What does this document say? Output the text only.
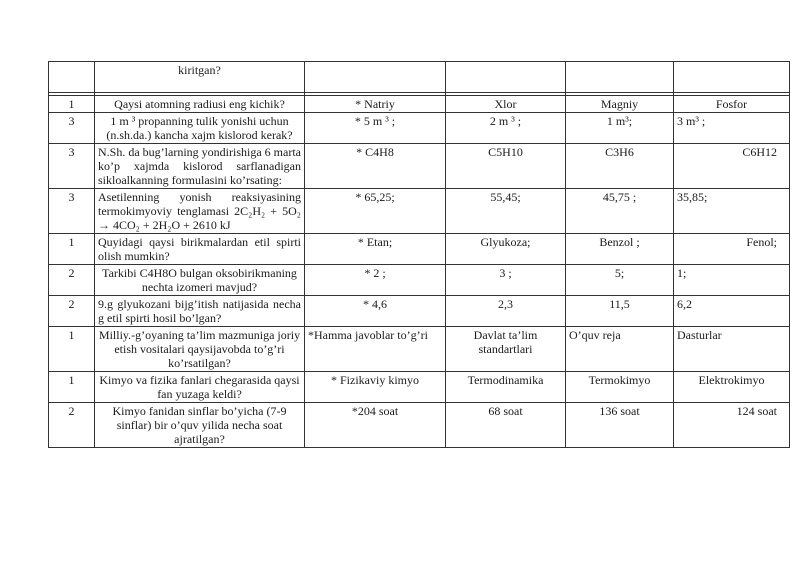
	kiritgan?				

1	Qaysi atomning radiusi eng kichik?	* Natriy	Xlor	Magniy	Fosfor
3	1 m ³ propanning tulik yonishi uchun (n.sh.da.) kancha xajm kislorod kerak?	* 5 m ³ ;	2 m ³ ;	1 m³;	3 m³ ;
3	N.Sh. da bug’larning yondirishiga 6 marta ko’p xajmda kislorod sarflanadigan sikloalkanning formulasini ko’rsating:	* C4H8	C5H10	C3H6	C6H12
3	Asetilenning yonish reaksiyasining termokimyoviy tenglamasi 2C₂H₂ + 5O₂ → 4CO₂ + 2H₂O + 2610 kJ	* 65,25;	55,45;	45,75 ;	35,85;
1	Quyidagi qaysi birikmalardan etil spirti olish mumkin?	* Etan;	Glyukoza;	Benzol ;	Fenol;
2	Tarkibi C4H8O bulgan oksobirikmaning nechta izomeri mavjud?	* 2 ;	3 ;	5;	1;
2	9.g glyukozani bijg’itish natijasida necha g etil spirti hosil bo’lgan?	* 4,6	2,3	11,5	6,2
1	Milliy.-g’oyaning ta’lim mazmuniga joriy etish vositalari qaysijavobda to’g’ri ko’rsatilgan?	*Hamma javoblar to’g’ri	Davlat ta’lim standartlari	O’quv reja	Dasturlar
1	Kimyo va fizika fanlari chegarasida qaysi fan yuzaga keldi?	* Fizikaviy kimyo	Termodinamika	Termokimyo	Elektrokimyo
2	Kimyo fanidan sinflar bo’yicha (7-9 sinflar) bir o’quv yilida necha soat ajratilgan?	*204 soat	68 soat	136 soat	124 soat
